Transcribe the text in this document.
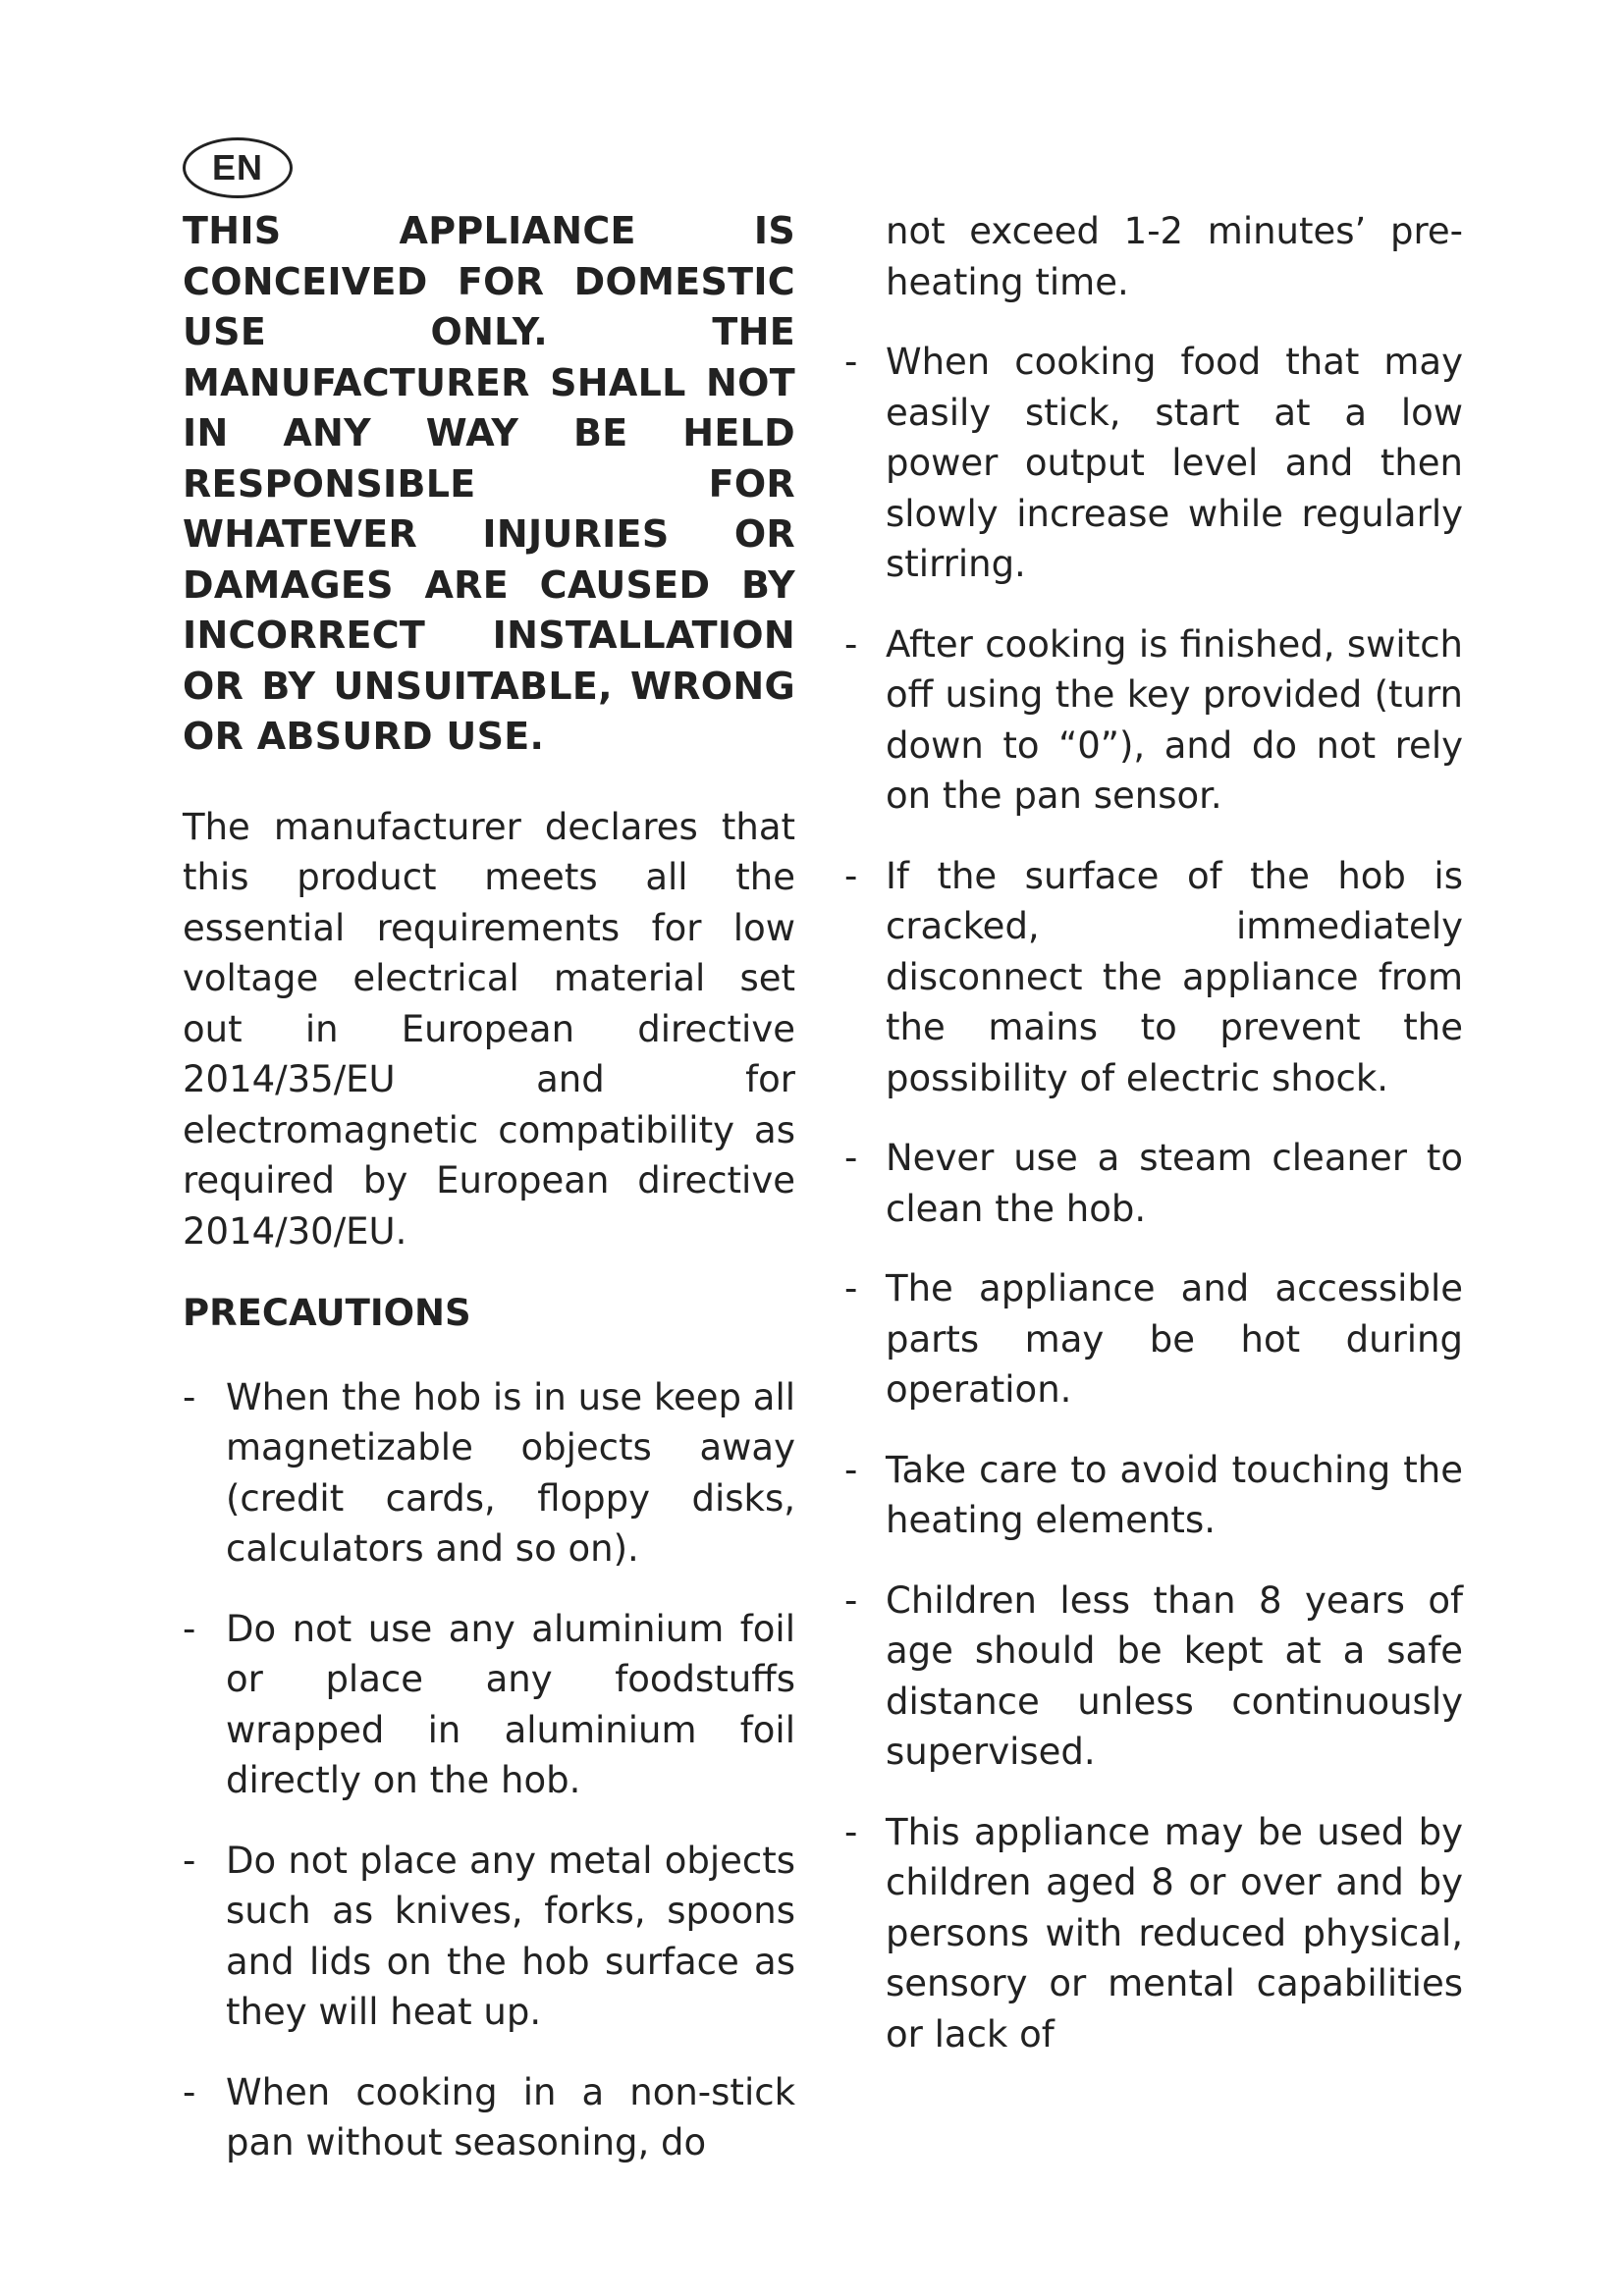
EN

THIS APPLIANCE IS CONCEIVED FOR DOMESTIC USE ONLY. THE MANUFACTURER SHALL NOT IN ANY WAY BE HELD RESPONSIBLE FOR WHATEVER INJURIES OR DAMAGES ARE CAUSED BY INCORRECT INSTALLATION OR BY UNSUITABLE, WRONG OR ABSURD USE.

The manufacturer declares that this product meets all the essential requirements for low voltage electrical material set out in European directive 2014/35/EU and for electromagnetic compatibility as required by European directive 2014/30/EU.

PRECAUTIONS

- When the hob is in use keep all magnetizable objects away (credit cards, floppy disks, calculators and so on).
- Do not use any aluminium foil or place any foodstuffs wrapped in aluminium foil directly on the hob.
- Do not place any metal objects such as knives, forks, spoons and lids on the hob surface as they will heat up.
- When cooking in a non-stick pan without seasoning, do

not exceed 1-2 minutes’ pre-heating time.

- When cooking food that may easily stick, start at a low power output level and then slowly increase while regularly stirring.
- After cooking is finished, switch off using the key provided (turn down to “0”), and do not rely on the pan sensor.
- If the surface of the hob is cracked, immediately disconnect the appliance from the mains to prevent the possibility of electric shock.
- Never use a steam cleaner to clean the hob.
- The appliance and accessible parts may be hot during operation.
- Take care to avoid touching the heating elements.
- Children less than 8 years of age should be kept at a safe distance unless continuously supervised.
- This appliance may be used by children aged 8 or over and by persons with reduced physical, sensory or mental capabilities or lack of
